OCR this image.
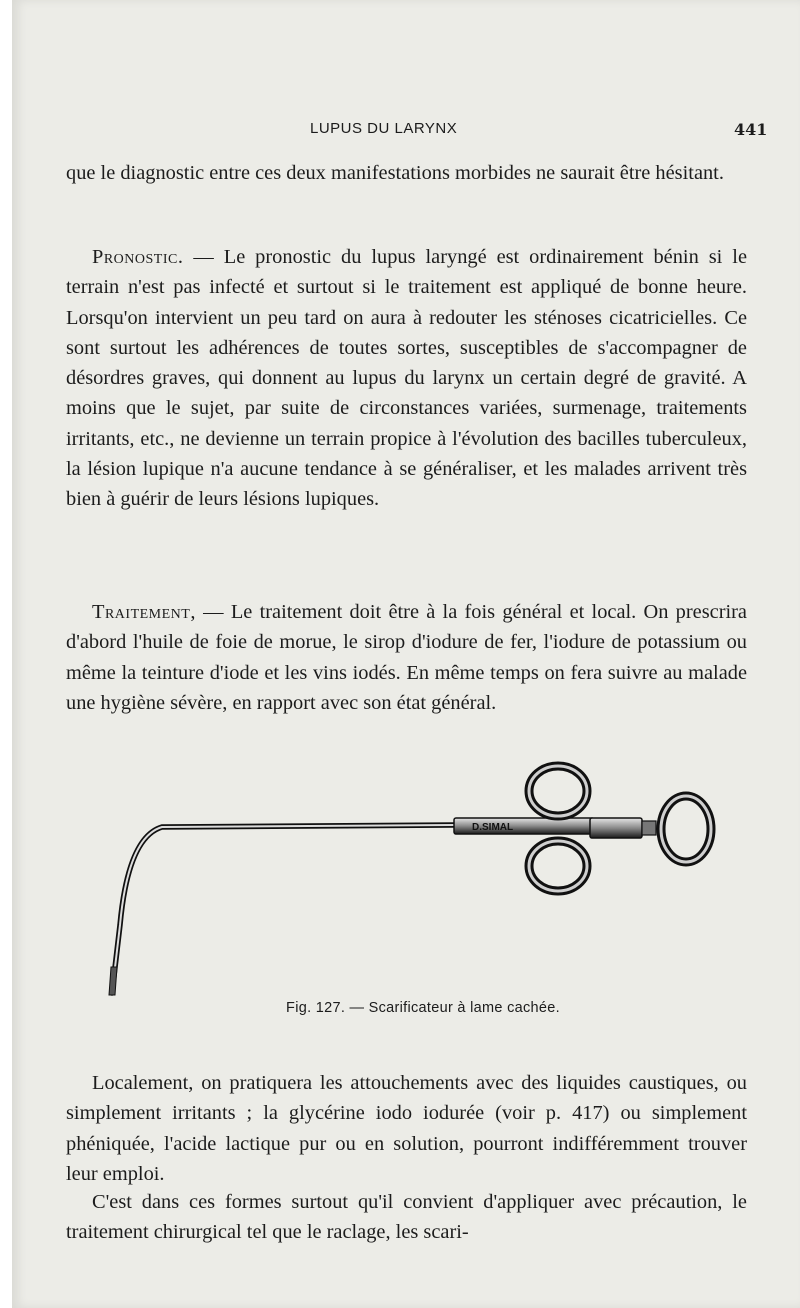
LUPUS DU LARYNX	441

que le diagnostic entre ces deux manifestations morbides ne saurait être hésitant.

Pronostic. — Le pronostic du lupus laryngé est ordinairement bénin si le terrain n'est pas infecté et surtout si le traitement est appliqué de bonne heure. Lorsqu'on intervient un peu tard on aura à redouter les sténoses cicatricielles. Ce sont surtout les adhérences de toutes sortes, susceptibles de s'accompagner de désordres graves, qui donnent au lupus du larynx un certain degré de gravité. A moins que le sujet, par suite de circonstances variées, surmenage, traitements irritants, etc., ne devienne un terrain propice à l'évolution des bacilles tuberculeux, la lésion lupique n'a aucune tendance à se généraliser, et les malades arrivent très bien à guérir de leurs lésions lupiques.

Traitement, — Le traitement doit être à la fois général et local. On prescrira d'abord l'huile de foie de morue, le sirop d'iodure de fer, l'iodure de potassium ou même la teinture d'iode et les vins iodés. En même temps on fera suivre au malade une hygiène sévère, en rapport avec son état général.

D.SIMAL
Fig. 127. — Scarificateur à lame cachée.

Localement, on pratiquera les attouchements avec des liquides caustiques, ou simplement irritants ; la glycérine iodo iodurée (voir p. 417) ou simplement phéniquée, l'acide lactique pur ou en solution, pourront indifféremment trouver leur emploi.

C'est dans ces formes surtout qu'il convient d'appliquer avec précaution, le traitement chirurgical tel que le raclage, les scari-
